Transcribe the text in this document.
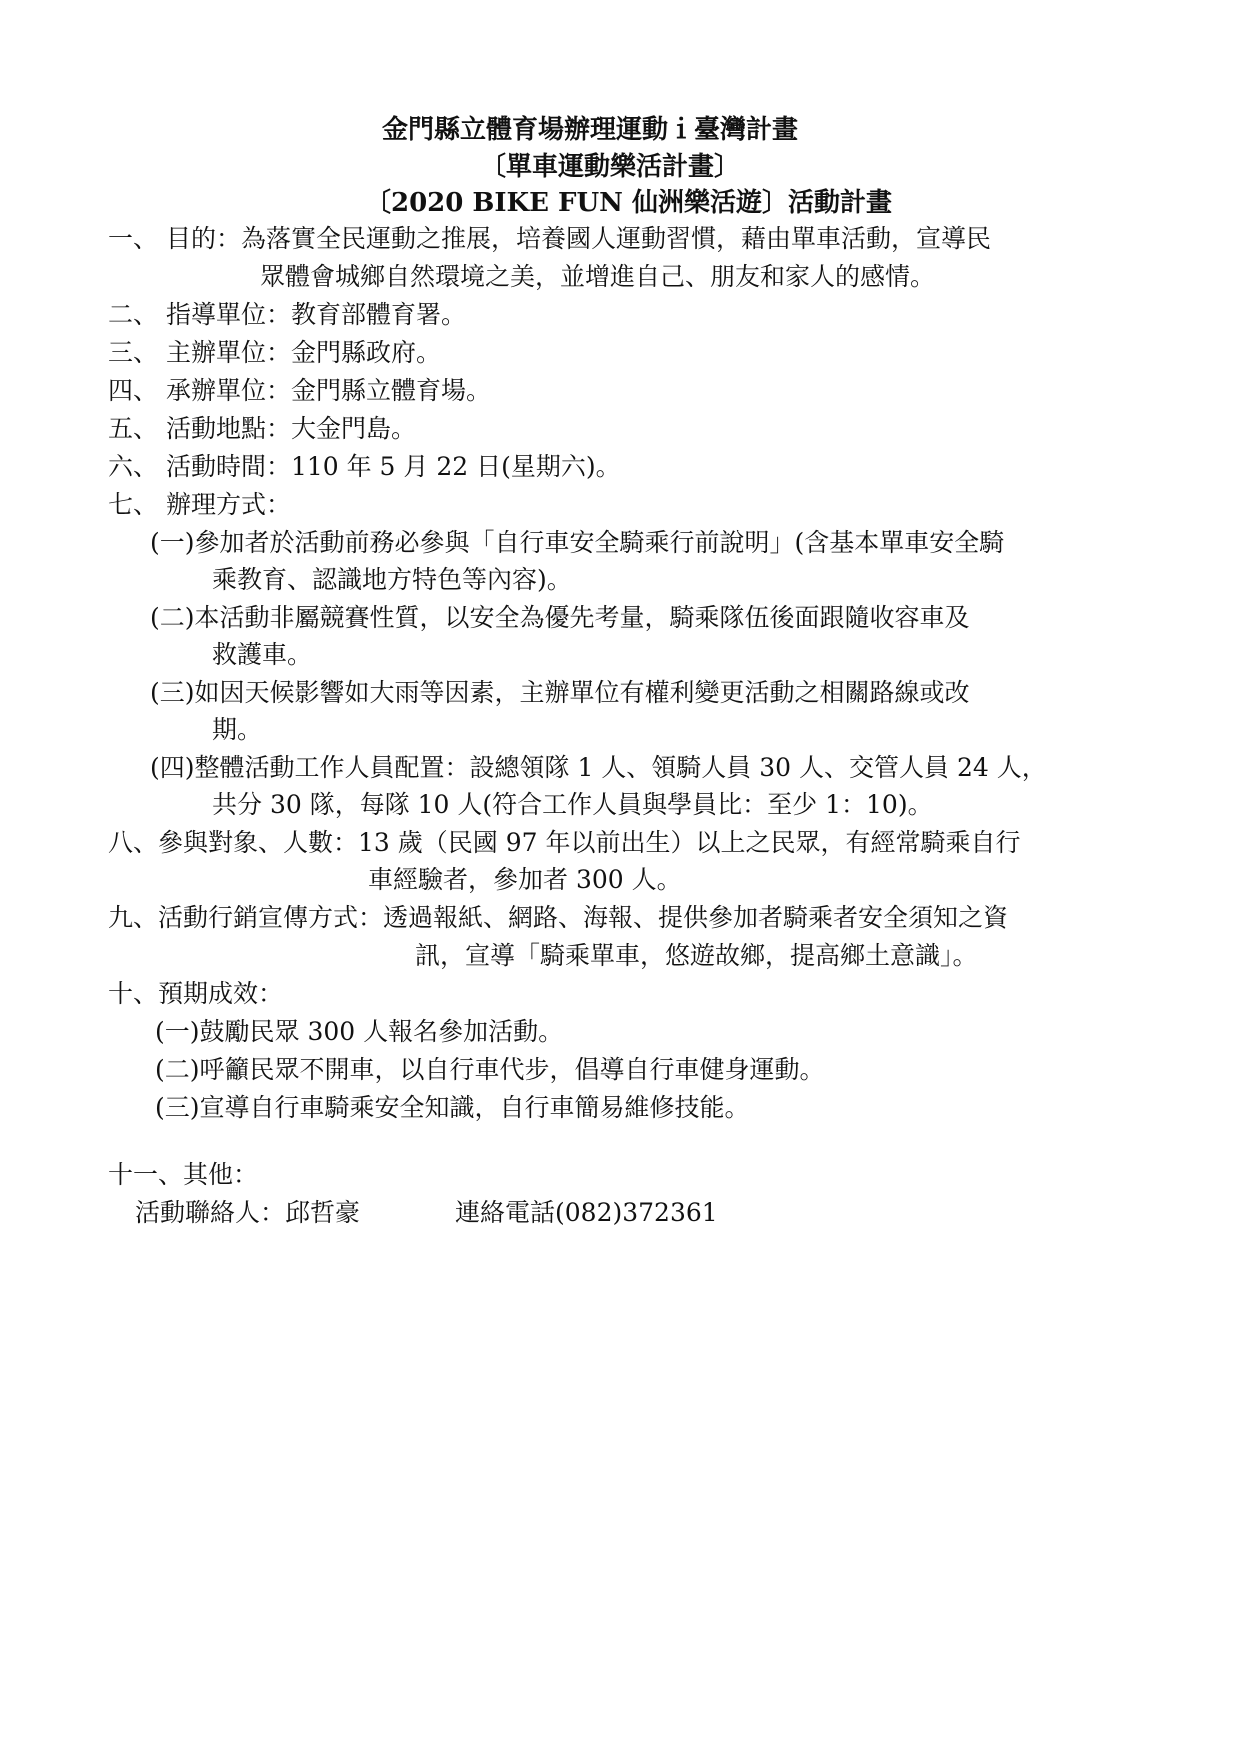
金門縣立體育場辦理運動ｉ臺灣計畫
〔單車運動樂活計畫〕
〔2020 BIKE FUN 仙洲樂活遊〕活動計畫
一、 目的：為落實全民運動之推展，培養國人運動習慣，藉由單車活動，宣導民
眾體會城鄉自然環境之美，並增進自己、朋友和家人的感情。
二、 指導單位：教育部體育署。
三、 主辦單位：金門縣政府。
四、 承辦單位：金門縣立體育場。
五、 活動地點：大金門島。
六、 活動時間：110 年 5 月 22 日(星期六)。
七、 辦理方式：
(一)參加者於活動前務必參與「自行車安全騎乘行前說明」(含基本單車安全騎
乘教育、認識地方特色等內容)。
(二)本活動非屬競賽性質，以安全為優先考量，騎乘隊伍後面跟隨收容車及
救護車。
(三)如因天候影響如大雨等因素，主辦單位有權利變更活動之相關路線或改
期。
(四)整體活動工作人員配置：設總領隊 1 人、領騎人員 30 人、交管人員 24 人，
共分 30 隊，每隊 10 人(符合工作人員與學員比：至少 1：10)。
八、參與對象、人數：13 歲（民國 97 年以前出生）以上之民眾，有經常騎乘自行
車經驗者，參加者 300 人。
九、活動行銷宣傳方式：透過報紙、網路、海報、提供參加者騎乘者安全須知之資
訊，宣導「騎乘單車，悠遊故鄉，提高鄉土意識」。
十、預期成效：
(一)鼓勵民眾 300 人報名參加活動。
(二)呼籲民眾不開車，以自行車代步，倡導自行車健身運動。
(三)宣導自行車騎乘安全知識，自行車簡易維修技能。
十一、其他：
活動聯絡人：邱哲豪	連絡電話(082)372361
